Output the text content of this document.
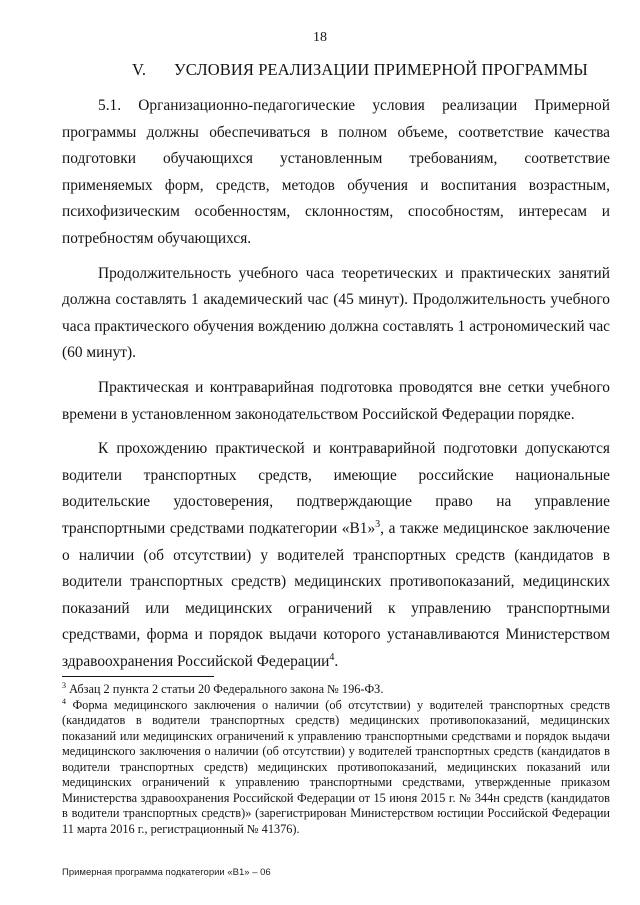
18
V. УСЛОВИЯ РЕАЛИЗАЦИИ ПРИМЕРНОЙ ПРОГРАММЫ

5.1. Организационно-педагогические условия реализации Примерной программы должны обеспечиваться в полном объеме, соответствие качества подготовки обучающихся установленным требованиям, соответствие применяемых форм, средств, методов обучения и воспитания возрастным, психофизическим особенностям, склонностям, способностям, интересам и потребностям обучающихся.

Продолжительность учебного часа теоретических и практических занятий должна составлять 1 академический час (45 минут). Продолжительность учебного часа практического обучения вождению должна составлять 1 астрономический час (60 минут).

Практическая и контраварийная подготовка проводятся вне сетки учебного времени в установленном законодательством Российской Федерации порядке.

К прохождению практической и контраварийной подготовки допускаются водители транспортных средств, имеющие российские национальные водительские удостоверения, подтверждающие право на управление транспортными средствами подкатегории «В1»$^3$, а также медицинское заключение о наличии (об отсутствии) у водителей транспортных средств (кандидатов в водители транспортных средств) медицинских противопоказаний, медицинских показаний или медицинских ограничений к управлению транспортными средствами, форма и порядок выдачи которого устанавливаются Министерством здравоохранения Российской Федерации$^4$.

$^3$ Абзац 2 пункта 2 статьи 20 Федерального закона № 196-ФЗ.

$^4$ Форма медицинского заключения о наличии (об отсутствии) у водителей транспортных средств (кандидатов в водители транспортных средств) медицинских противопоказаний, медицинских показаний или медицинских ограничений к управлению транспортными средствами и порядок выдачи медицинского заключения о наличии (об отсутствии) у водителей транспортных средств (кандидатов в водители транспортных средств) медицинских противопоказаний, медицинских показаний или медицинских ограничений к управлению транспортными средствами, утвержденные приказом Министерства здравоохранения Российской Федерации от 15 июня 2015 г. № 344н средств (кандидатов в водители транспортных средств)» (зарегистрирован Министерством юстиции Российской Федерации 11 марта 2016 г., регистрационный № 41376).

Примерная программа подкатегории «В1» – 06
